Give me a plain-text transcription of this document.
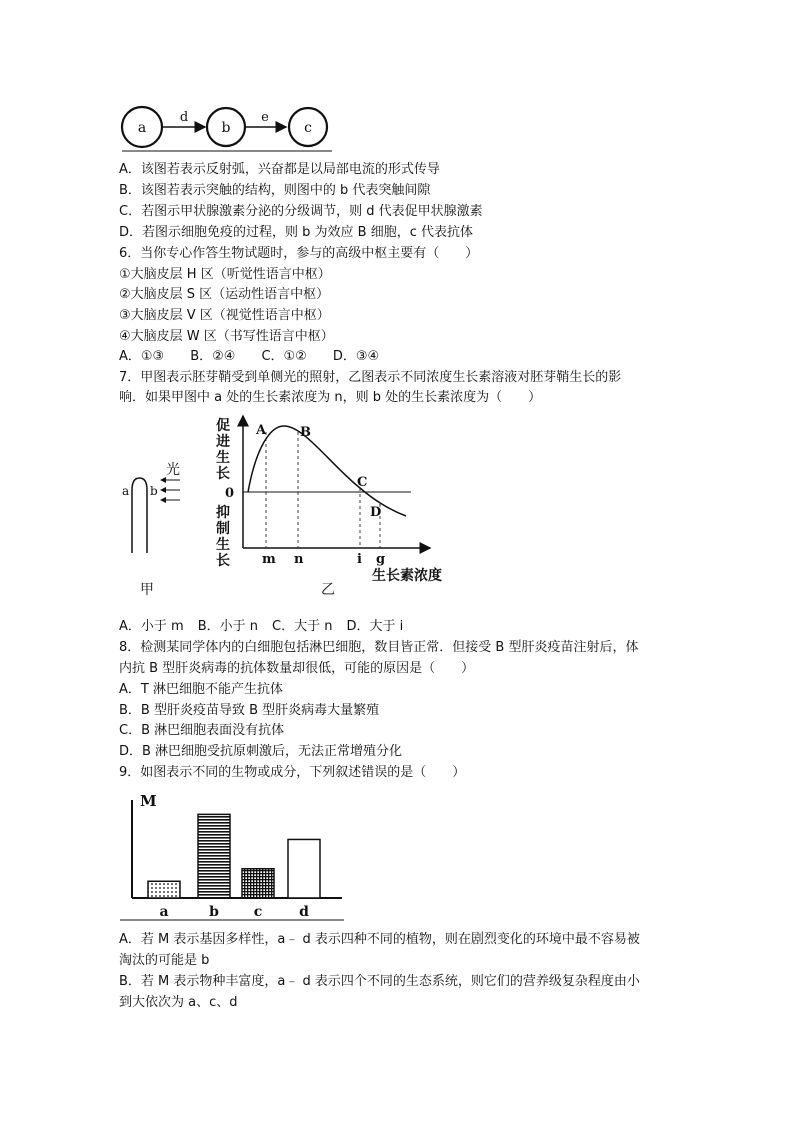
a
d
b
e
c
A．该图若表示反射弧，兴奋都是以局部电流的形式传导
B．该图若表示突触的结构，则图中的 b 代表突触间隙
C．若图示甲状腺激素分泌的分级调节，则 d 代表促甲状腺激素
D．若图示细胞免疫的过程，则 b 为效应 B 细胞，c 代表抗体
6．当你专心作答生物试题时，参与的高级中枢主要有（　　）
①大脑皮层 H 区（听觉性语言中枢）
②大脑皮层 S 区（运动性语言中枢）
③大脑皮层 V 区（视觉性语言中枢）
④大脑皮层 W 区（书写性语言中枢）
A．①③ B．②④ C．①② D．③④
7．甲图表示胚芽鞘受到单侧光的照射，乙图表示不同浓度生长素溶液对胚芽鞘生长的影
响．如果甲图中 a 处的生长素浓度为 n，则 b 处的生长素浓度为（　　）
a b
光
甲
促
进
生
长
0
抑
制
生
长
A	B
C
D
m n	i g
生长素浓度
乙
A．小于 m B．小于 n C．大于 n D．大于 i
8．检测某同学体内的白细胞包括淋巴细胞，数目皆正常．但接受 B 型肝炎疫苗注射后，体
内抗 B 型肝炎病毒的抗体数量却很低，可能的原因是（　　）
A．T 淋巴细胞不能产生抗体
B．B 型肝炎疫苗导致 B 型肝炎病毒大量繁殖
C．B 淋巴细胞表面没有抗体
D．B 淋巴细胞受抗原刺激后，无法正常增殖分化
9．如图表示不同的生物或成分，下列叙述错误的是（　　）
M
a	b c	d
A．若 M 表示基因多样性，a﹣ d 表示四种不同的植物，则在剧烈变化的环境中最不容易被
淘汰的可能是 b
B．若 M 表示物种丰富度，a﹣ d 表示四个不同的生态系统，则它们的营养级复杂程度由小
到大依次为 a、c、d
